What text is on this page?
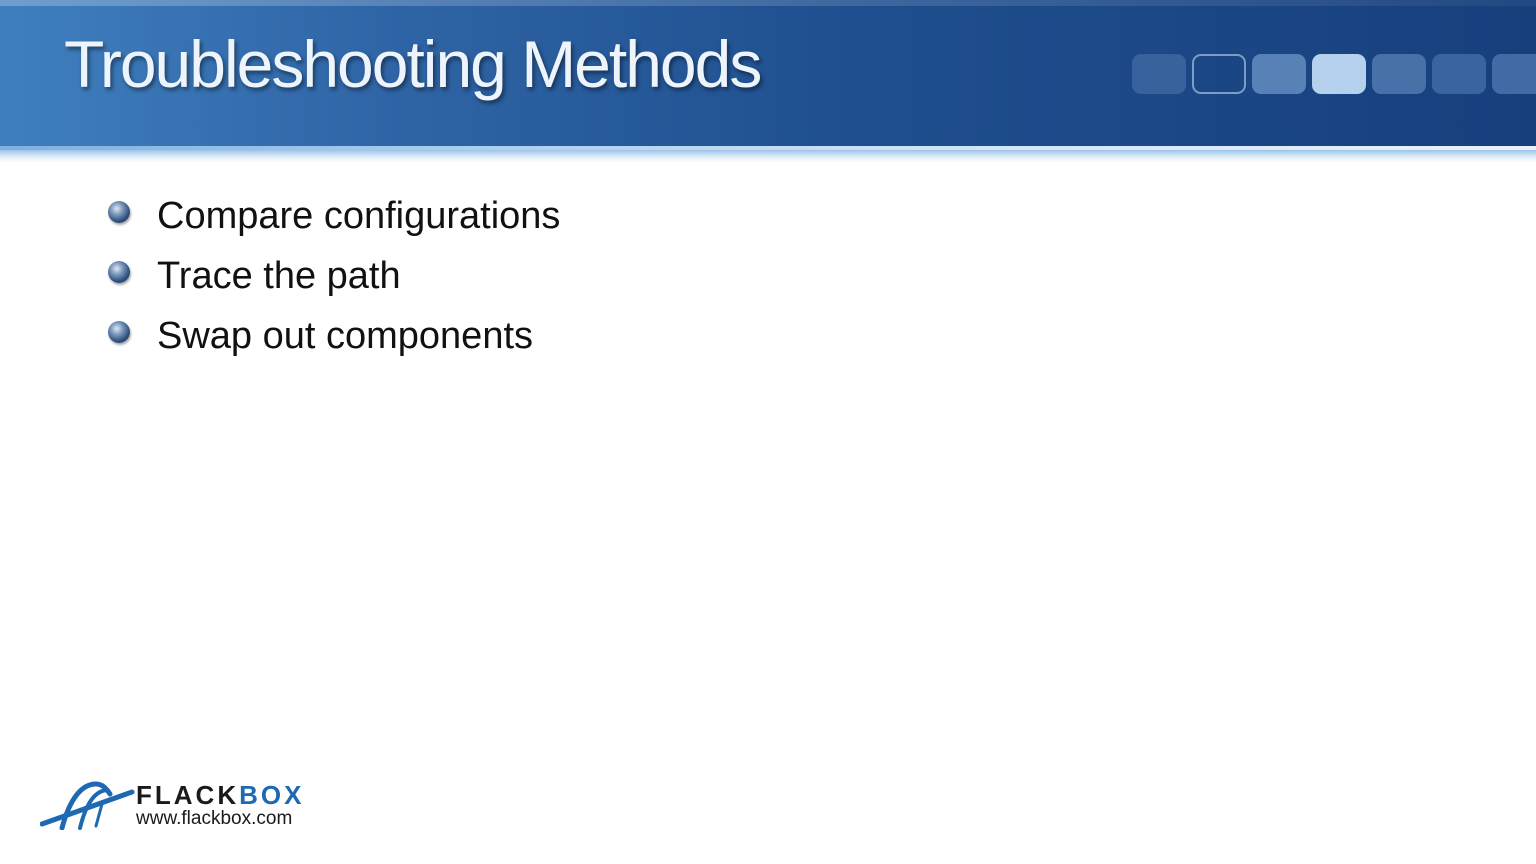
Troubleshooting Methods
Compare configurations
Trace the path
Swap out components
FLACKBOX
www.flackbox.com
